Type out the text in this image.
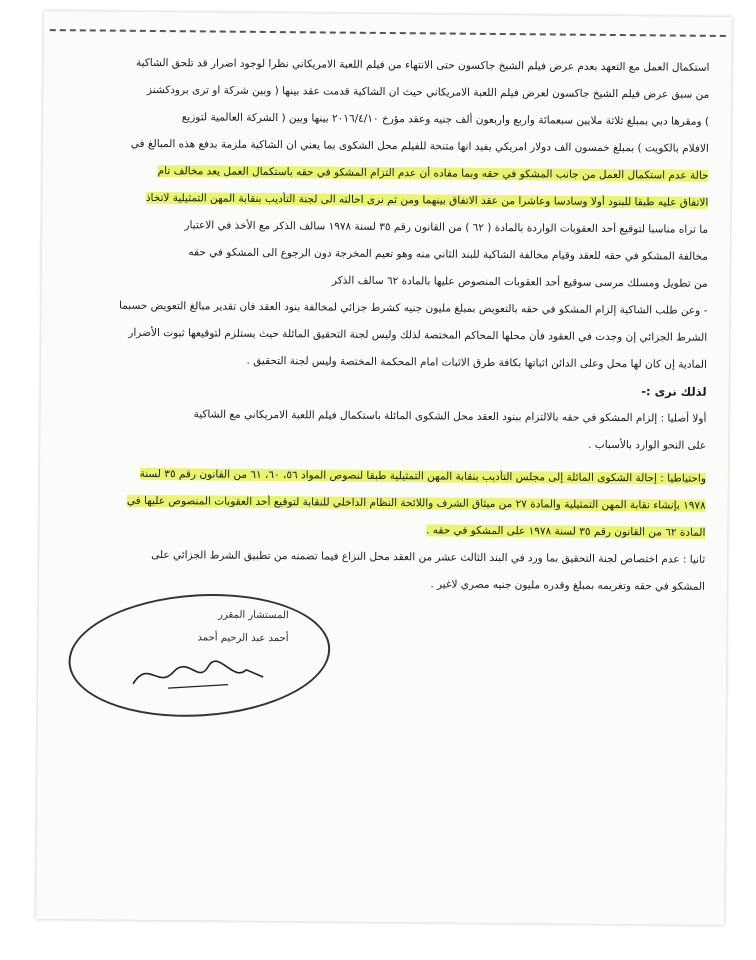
استكمال العمل مع التعهد بعدم عرض فيلم الشيخ جاكسون حتى الانتهاء من فيلم اللعبة الامريكاني نظرا لوجود اضرار قد تلحق الشاكية
من سبق عرض فيلم الشيخ جاكسون لعرض فيلم اللعبة الامريكاني حيث ان الشاكية قدمت عقد بينها ( وبين شركة او ترى برودكشنز
) ومقرها دبي بمبلغ ثلاثة ملايين سبعمائة واربع واربعون ألف جنيه وعقد مؤرخ ٢٠١٦/٤/١٠ بينها وبين ( الشركة العالمية لتوزيع
الافلام بالكويت ) بمبلغ خمسون الف دولار امريكي يفيد انها متنحة للفيلم محل الشكوى بما يعني ان الشاكية ملزمة بدفع هذه المبالغ في
حالة عدم استكمال العمل من جانب المشكو في حقه وبما مفاده أن عدم التزام المشكو في حقه باستكمال العمل يعد مخالف تام
الاتفاق عليه طبقا للبنود أولا وسادسا وعاشرا من عقد الاتفاق بينهما ومن ثم نرى احالته الى لجنة التأديب بنقابة المهن التمثيلية لاتخاذ
ما تراه مناسبا لتوقيع أحد العقوبات الواردة بالمادة ( ٦٢ ) من القانون رقم ٣٥ لسنة ١٩٧٨ سالف الذكر مع الأخذ في الاعتبار
مخالفة المشكو في حقه للعقد وقيام مخالفة الشاكية للبند الثاني منه وهو تعيم المخرجة دون الرجوع الى المشكو في حقه
من تطويل ومسلك مرسى سوقيع أحد العقوبات المنصوص عليها بالمادة ٦٢ سالف الذكر
- وعن طلب الشاكية إلزام المشكو في حقه بالتعويض بمبلغ مليون جنيه كشرط جزائي لمخالفة بنود العقد فان تقدير مبالغ التعويض حسبما
الشرط الجزائي إن وجدت في العقود فأن محلها المحاكم المختصة لذلك وليس لجنة التحقيق المائلة حيث يستلزم لتوقيعها ثبوت الأضرار
المادية إن كان لها محل وعلى الدائن اثباتها بكافة طرق الاثبات امام المحكمة المختصة وليس لجنة التحقيق .
لذلك نرى :-
أولا أصليا : إلزام المشكو في حقه بالالتزام ببنود العقد محل الشكوى المائلة باستكمال فيلم اللعبة الامريكاني مع الشاكية
على النحو الوارد بالأسباب .
واحتياطيا : إحالة الشكوى المائلة إلى مجلس التأديب بنقابة المهن التمثيلية طبقا لنصوص المواد ٥٦، ٦٠، ٦١ من القانون رقم ٣٥ لسنة
١٩٧٨ بإنشاء نقابة المهن التمثيلية والمادة ٢٧ من ميثاق الشرف واللائحة النظام الداخلي للنقابة لتوقيع أحد العقوبات المنصوص عليها في
المادة ٦٢ من القانون رقم ٣٥ لسنة ١٩٧٨ على المشكو في حقه .
ثانيا : عدم اختصاص لجنة التحقيق بما ورد في البند الثالث عشر من العقد محل النزاع فيما تضمنه من تطبيق الشرط الجزائي على
المشكو في حقه وتغريمه بمبلغ وقدره مليون جنيه مصري لاغير .
المستشار المقرر
أحمد عبد الرحيم أحمد
